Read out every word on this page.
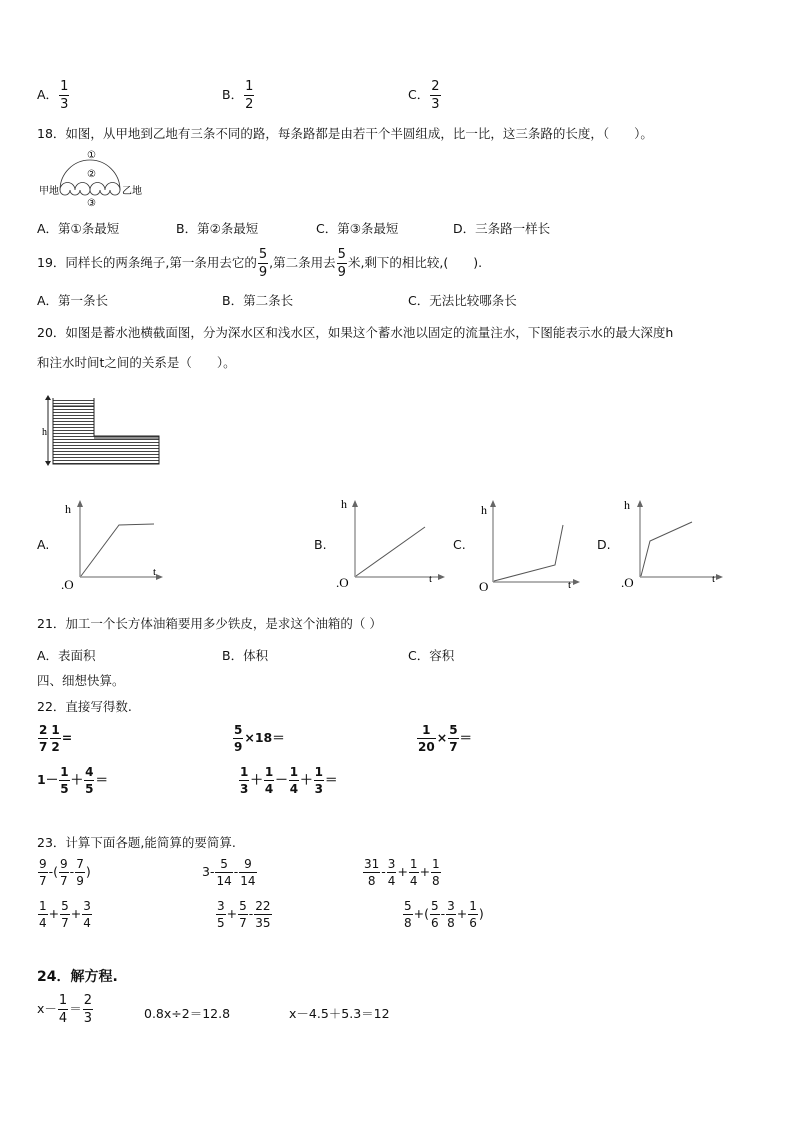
A． $\frac{1}{3}$	B． $\frac{1}{2}$	C． $\frac{2}{3}$
18．如图，从甲地到乙地有三条不同的路，每条路都是由若干个半圆组成，比一比，这三条路的长度，（　　）。
①
②
③
甲地	乙地
A．第①条最短	B．第②条最短	C．第③条最短	D．三条路一样长
19．同样长的两条绳子,第一条用去它的 $\frac{5}{9}$ ,第二条用去 $\frac{5}{9}$ 米,剩下的相比较,(　　).
A．第一条长	B．第二条长	C．无法比较哪条长
20．如图是蓄水池横截面图，分为深水区和浅水区，如果这个蓄水池以固定的流量注水，下图能表示水的最大深度h
和注水时间t之间的关系是（　　）。
h
A.
h
t
.O
B.
h
t
.O
C.
h
t
O
D.
h
t
.O
21．加工一个长方体油箱要用多少铁皮，是求这个油箱的（ ）
A．表面积	B．体积	C．容积
四、细想快算。
22．直接写得数.
$\frac{2}{7} \frac{1}{2}$ =	$\frac{5}{9} \times 18=$	$\frac{1}{20} \times \frac{5}{7}$ ＝
$1- \frac{1}{5} + \frac{4}{5}$ ＝	$\frac{1}{3} + \frac{1}{4} - \frac{1}{4} + \frac{1}{3}$ ＝
23．计算下面各题,能简算的要简算.
$\frac{9}{7}$ -( $\frac{9}{7} - \frac{7}{9}$ )	$3- \frac{5}{14} - \frac{9}{14}$	$\frac{31}{8} - \frac{3}{4} + \frac{1}{4} + \frac{1}{8}$
$\frac{1}{4} + \frac{5}{7} + \frac{3}{4}$	$\frac{3}{5} + \frac{5}{7} - \frac{22}{35}$	$\frac{5}{8}$ +( $\frac{5}{6} - \frac{3}{8} + \frac{1}{6}$ )
24．解方程.
$x- \frac{1}{4} = \frac{2}{3}$	0.8x÷2＝12.8	x－4.5＋5.3＝12
